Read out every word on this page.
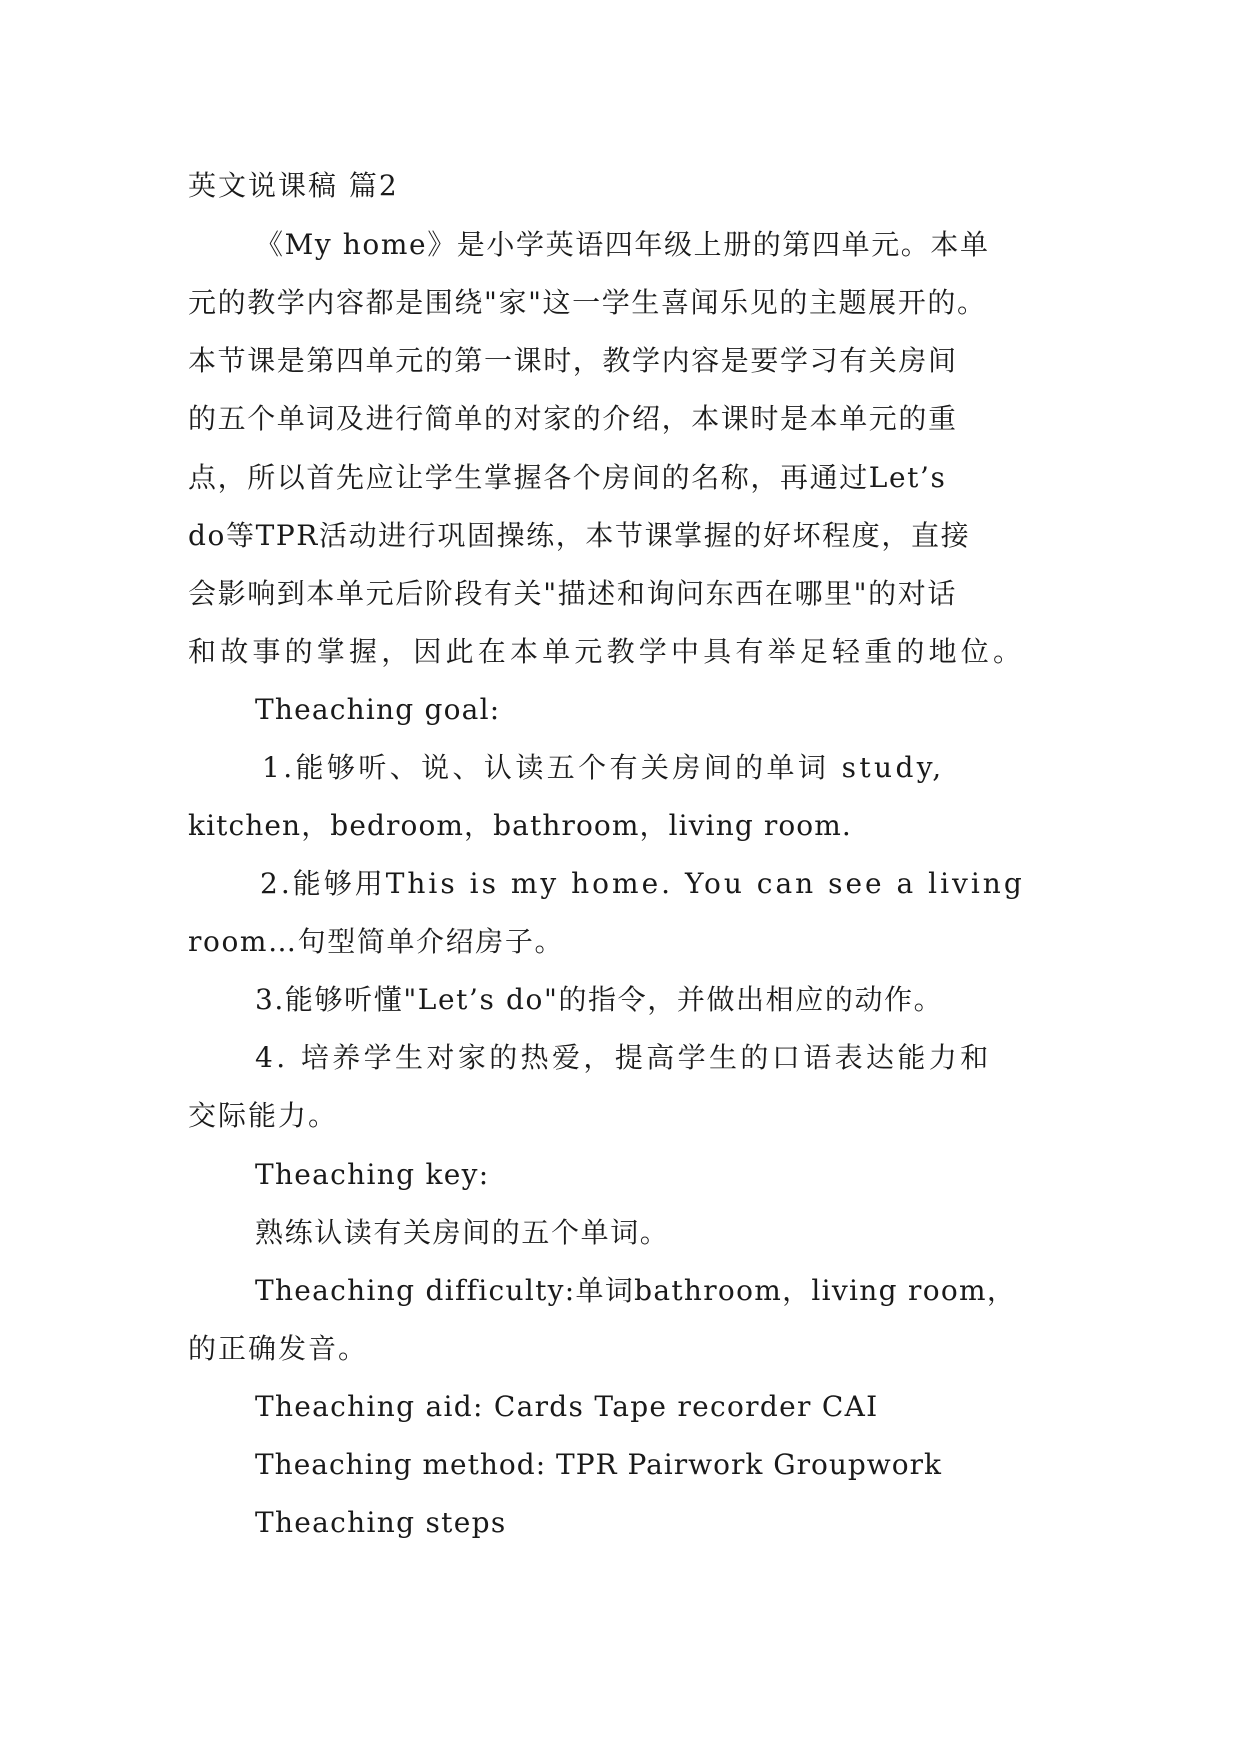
英文说课稿 篇2
《My home》是小学英语四年级上册的第四单元。本单
元的教学内容都是围绕"家"这一学生喜闻乐见的主题展开的。
本节课是第四单元的第一课时，教学内容是要学习有关房间
的五个单词及进行简单的对家的介绍，本课时是本单元的重
点，所以首先应让学生掌握各个房间的名称，再通过Let’s
do等TPR活动进行巩固操练，本节课掌握的好坏程度，直接
会影响到本单元后阶段有关"描述和询问东西在哪里"的对话
和故事的掌握，因此在本单元教学中具有举足轻重的地位。
Theaching goal:
1.能够听、说、认读五个有关房间的单词 study,
kitchen，bedroom，bathroom，living room.
2.能够用This is my home. You can see a living
room…句型简单介绍房子。
3.能够听懂"Let’s do"的指令，并做出相应的动作。
4. 培养学生对家的热爱，提高学生的口语表达能力和
交际能力。
Theaching key:
熟练认读有关房间的五个单词。
Theaching difficulty:单词bathroom，living room，
的正确发音。
Theaching aid: Cards Tape recorder CAI
Theaching method: TPR Pairwork Groupwork
Theaching steps
